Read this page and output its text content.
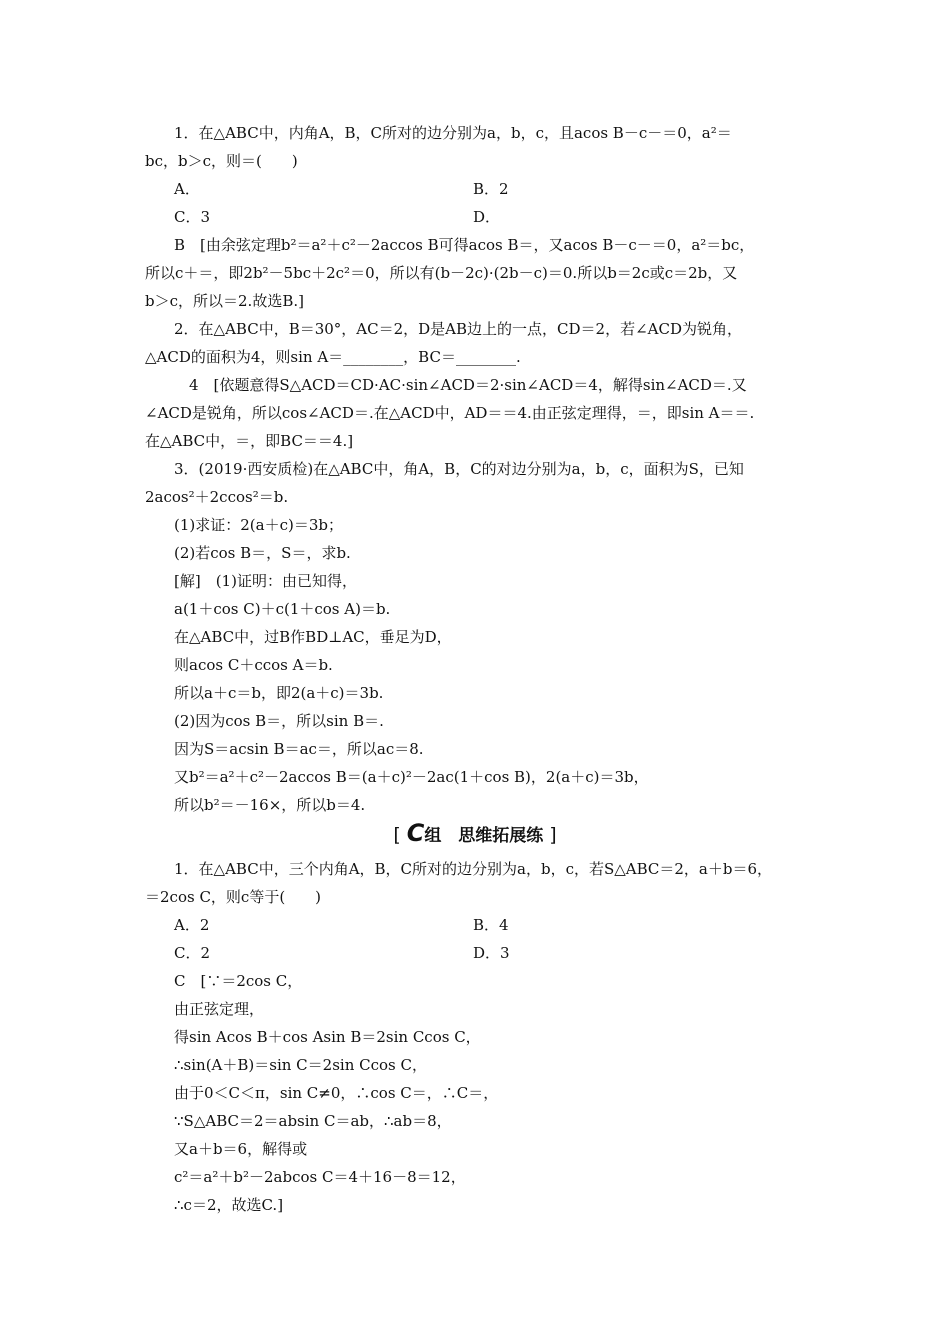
1．在△ABC中，内角A，B，C所对的边分别为a，b，c，且acos B－c－＝0，a²＝
bc，b＞c，则＝(　　)
A．	B．2
C．3	D．
B　[由余弦定理b²＝a²＋c²－2accos B可得acos B＝，又acos B－c－＝0，a²＝bc，
所以c＋＝，即2b²－5bc＋2c²＝0，所以有(b－2c)·(2b－c)＝0.所以b＝2c或c＝2b，又
b＞c，所以＝2.故选B.]
2．在△ABC中，B＝30°，AC＝2，D是AB边上的一点，CD＝2，若∠ACD为锐角，
△ACD的面积为4，则sin A＝________，BC＝________.
　4　[依题意得S△ACD＝CD·AC·sin∠ACD＝2·sin∠ACD＝4，解得sin∠ACD＝.又
∠ACD是锐角，所以cos∠ACD＝.在△ACD中，AD＝＝4.由正弦定理得，＝，即sin A＝＝.
在△ABC中，＝，即BC＝＝4.]
3．(2019·西安质检)在△ABC中，角A，B，C的对边分别为a，b，c，面积为S，已知
2acos²＋2ccos²＝b.
(1)求证：2(a＋c)＝3b；
(2)若cos B＝，S＝，求b.
[解]　(1)证明：由已知得，
a(1＋cos C)＋c(1＋cos A)＝b.
在△ABC中，过B作BD⊥AC，垂足为D，
则acos C＋ccos A＝b.
所以a＋c＝b，即2(a＋c)＝3b.
(2)因为cos B＝，所以sin B＝.
因为S＝acsin B＝ac＝，所以ac＝8.
又b²＝a²＋c²－2accos B＝(a＋c)²－2ac(1＋cos B)，2(a＋c)＝3b，
所以b²＝－16×，所以b＝4.
[ C组　思维拓展练 ]
1．在△ABC中，三个内角A，B，C所对的边分别为a，b，c，若S△ABC＝2，a＋b＝6，
＝2cos C，则c等于(　　)
A．2	B．4
C．2	D．3
C　[∵＝2cos C，
由正弦定理，
得sin Acos B＋cos Asin B＝2sin Ccos C，
∴sin(A＋B)＝sin C＝2sin Ccos C，
由于0＜C＜π，sin C≠0，∴cos C＝，∴C＝，
∵S△ABC＝2＝absin C＝ab，∴ab＝8，
又a＋b＝6，解得或
c²＝a²＋b²－2abcos C＝4＋16－8＝12，
∴c＝2，故选C.]
